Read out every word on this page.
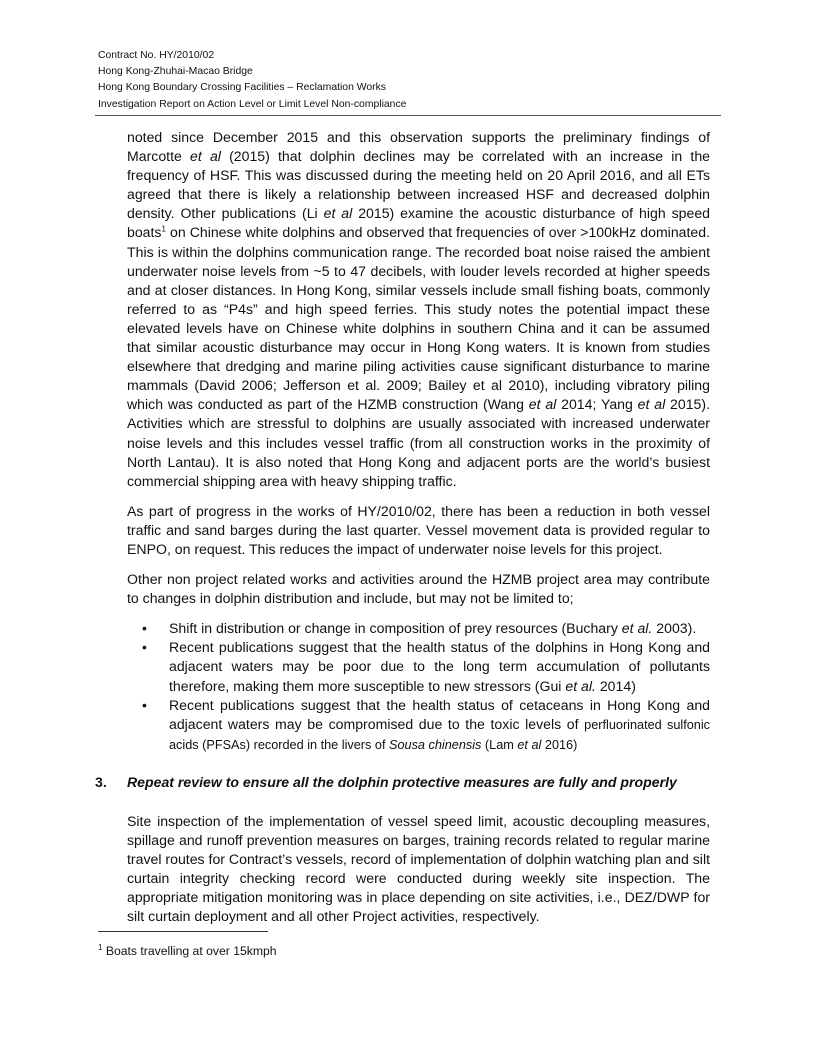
Contract No. HY/2010/02
Hong Kong-Zhuhai-Macao Bridge
Hong Kong Boundary Crossing Facilities – Reclamation Works
Investigation Report on Action Level or Limit Level Non-compliance

noted since December 2015 and this observation supports the preliminary findings of Marcotte et al (2015) that dolphin declines may be correlated with an increase in the frequency of HSF. This was discussed during the meeting held on 20 April 2016, and all ETs agreed that there is likely a relationship between increased HSF and decreased dolphin density. Other publications (Li et al 2015) examine the acoustic disturbance of high speed boats$^1$ on Chinese white dolphins and observed that frequencies of over >100kHz dominated. This is within the dolphins communication range. The recorded boat noise raised the ambient underwater noise levels from ~5 to 47 decibels, with louder levels recorded at higher speeds and at closer distances. In Hong Kong, similar vessels include small fishing boats, commonly referred to as “P4s” and high speed ferries. This study notes the potential impact these elevated levels have on Chinese white dolphins in southern China and it can be assumed that similar acoustic disturbance may occur in Hong Kong waters. It is known from studies elsewhere that dredging and marine piling activities cause significant disturbance to marine mammals (David 2006; Jefferson et al. 2009; Bailey et al 2010), including vibratory piling which was conducted as part of the HZMB construction (Wang et al 2014; Yang et al 2015). Activities which are stressful to dolphins are usually associated with increased underwater noise levels and this includes vessel traffic (from all construction works in the proximity of North Lantau). It is also noted that Hong Kong and adjacent ports are the world’s busiest commercial shipping area with heavy shipping traffic.

As part of progress in the works of HY/2010/02, there has been a reduction in both vessel traffic and sand barges during the last quarter. Vessel movement data is provided regular to ENPO, on request. This reduces the impact of underwater noise levels for this project.

Other non project related works and activities around the HZMB project area may contribute to changes in dolphin distribution and include, but may not be limited to;

• Shift in distribution or change in composition of prey resources (Buchary et al. 2003).
• Recent publications suggest that the health status of the dolphins in Hong Kong and adjacent waters may be poor due to the long term accumulation of pollutants therefore, making them more susceptible to new stressors (Gui et al. 2014)
• Recent publications suggest that the health status of cetaceans in Hong Kong and adjacent waters may be compromised due to the toxic levels of perfluorinated sulfonic acids (PFSAs) recorded in the livers of Sousa chinensis (Lam et al 2016)
3.	Repeat review to ensure all the dolphin protective measures are fully and properly

Site inspection of the implementation of vessel speed limit, acoustic decoupling measures, spillage and runoff prevention measures on barges, training records related to regular marine travel routes for Contract’s vessels, record of implementation of dolphin watching plan and silt curtain integrity checking record were conducted during weekly site inspection. The appropriate mitigation monitoring was in place depending on site activities, i.e., DEZ/DWP for silt curtain deployment and all other Project activities, respectively.

$^1$ Boats travelling at over 15kmph
